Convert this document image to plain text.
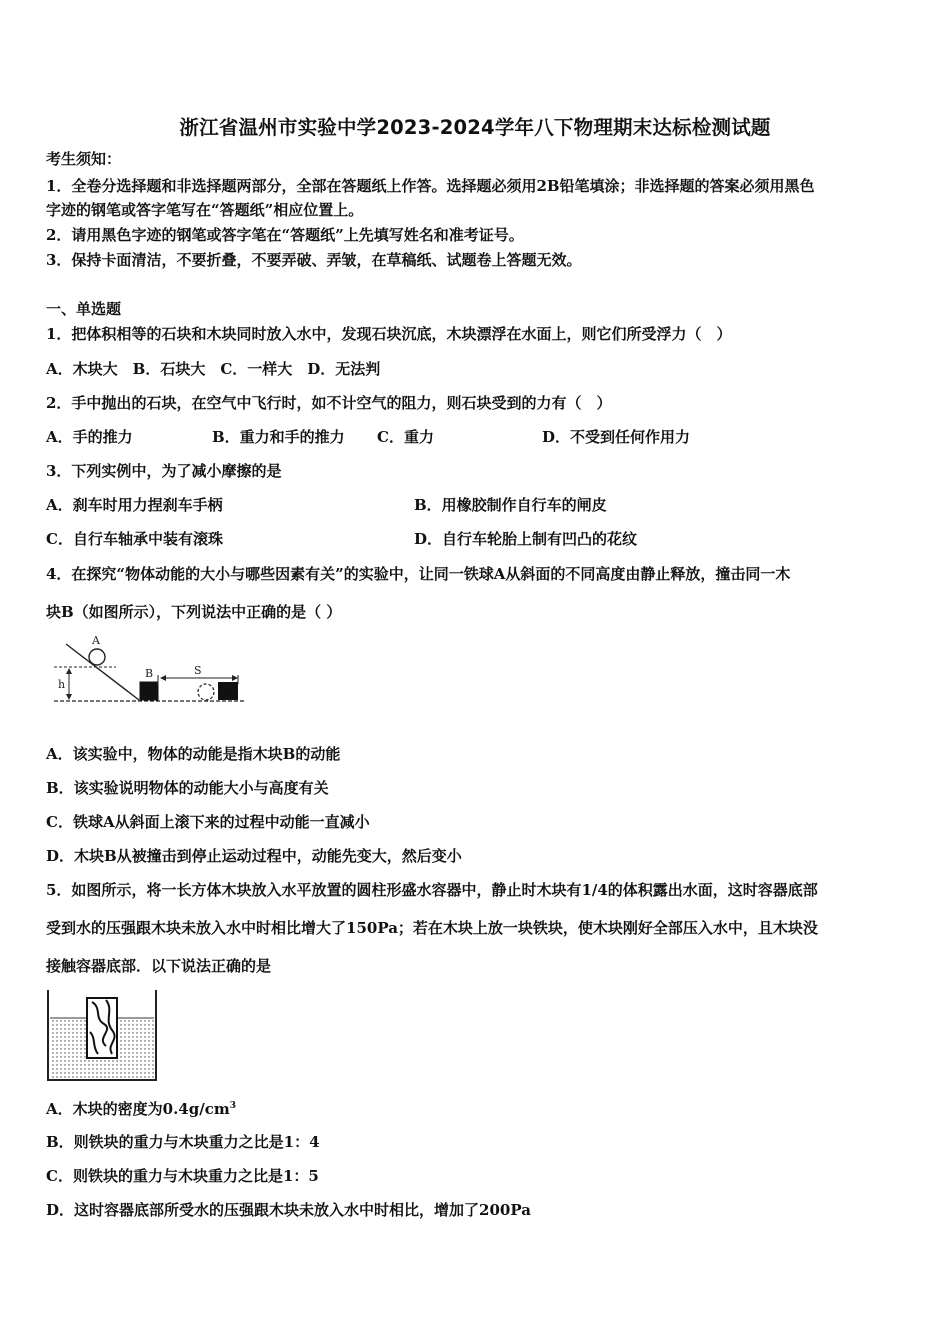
浙江省温州市实验中学2023-2024学年八下物理期末达标检测试题
考生须知：
1．全卷分选择题和非选择题两部分，全部在答题纸上作答。选择题必须用2B铅笔填涂；非选择题的答案必须用黑色
字迹的钢笔或答字笔写在“答题纸”相应位置上。
2．请用黑色字迹的钢笔或答字笔在“答题纸”上先填写姓名和准考证号。
3．保持卡面清洁，不要折叠，不要弄破、弄皱，在草稿纸、试题卷上答题无效。
一、单选题
1．把体积相等的石块和木块同时放入水中，发现石块沉底，木块漂浮在水面上，则它们所受浮力（　）
A．木块大　B．石块大　C．一样大　D．无法判
2．手中抛出的石块，在空气中飞行时，如不计空气的阻力，则石块受到的力有（　）
A．手的推力	B．重力和手的推力 C．重力	D．不受到任何作用力
3．下列实例中，为了减小摩擦的是
A．刹车时用力捏刹车手柄	B．用橡胶制作自行车的闸皮
C．自行车轴承中装有滚珠	D．自行车轮胎上制有凹凸的花纹
4．在探究“物体动能的大小与哪些因素有关”的实验中，让同一铁球A从斜面的不同高度由静止释放，撞击同一木
块B（如图所示），下列说法中正确的是（ ）
A
h
B	S
A．该实验中，物体的动能是指木块B的动能
B．该实验说明物体的动能大小与高度有关
C．铁球A从斜面上滚下来的过程中动能一直减小
D．木块B从被撞击到停止运动过程中，动能先变大，然后变小
5．如图所示，将一长方体木块放入水平放置的圆柱形盛水容器中，静止时木块有1/4的体积露出水面，这时容器底部
受到水的压强跟木块未放入水中时相比增大了150Pa；若在木块上放一块铁块，使木块刚好全部压入水中，且木块没
接触容器底部．以下说法正确的是
A．木块的密度为$0.4g/cm^3$
B．则铁块的重力与木块重力之比是1：4
C．则铁块的重力与木块重力之比是1：5
D．这时容器底部所受水的压强跟木块未放入水中时相比，增加了200Pa
